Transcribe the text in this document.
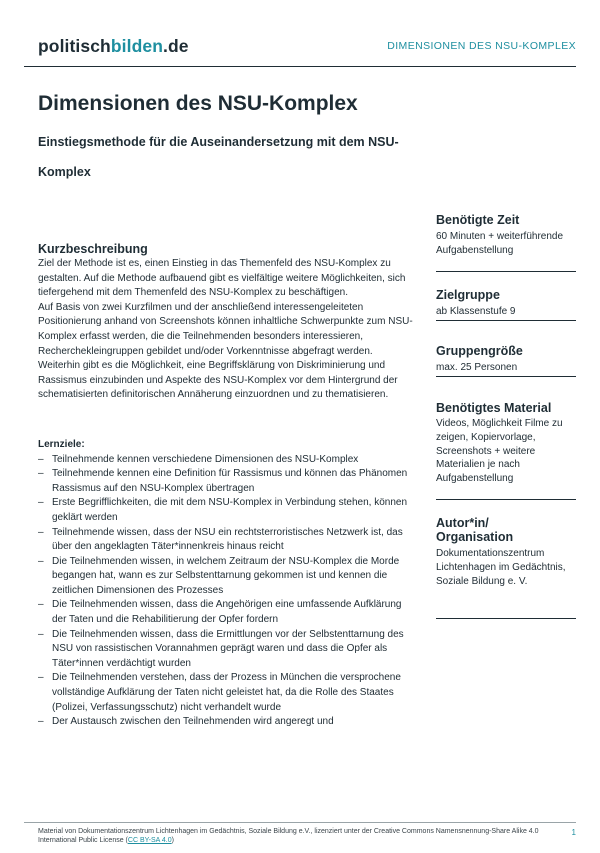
politischbilden.de	DIMENSIONEN DES NSU-KOMPLEX
Dimensionen des NSU-Komplex
Einstiegsmethode für die Auseinandersetzung mit dem NSU-Komplex
Kurzbeschreibung

Ziel der Methode ist es, einen Einstieg in das Themenfeld des NSU-Komplex zu gestalten. Auf die Methode aufbauend gibt es vielfältige weitere Möglichkeiten, sich tiefergehend mit dem Themenfeld des NSU-Komplex zu beschäftigen.

Auf Basis von zwei Kurzfilmen und der anschließend interessengeleiteten Positionierung anhand von Screenshots können inhaltliche Schwerpunkte zum NSU-Komplex erfasst werden, die die Teilnehmenden besonders interessieren, Recherchekleingruppen gebildet und/oder Vorkenntnisse abgefragt werden.

Weiterhin gibt es die Möglichkeit, eine Begriffsklärung von Diskriminierung und Rassismus einzubinden und Aspekte des NSU-Komplex vor dem Hintergrund der schematisierten definitorischen Annäherung einzuordnen und zu thematisieren.

Lernziele:
– Teilnehmende kennen verschiedene Dimensionen des NSU-Komplex
– Teilnehmende kennen eine Definition für Rassismus und können das Phänomen Rassismus auf den NSU-Komplex übertragen
– Erste Begrifflichkeiten, die mit dem NSU-Komplex in Verbindung stehen, können geklärt werden
– Teilnehmende wissen, dass der NSU ein rechtsterroristisches Netzwerk ist, das über den angeklagten Täter*innenkreis hinaus reicht
– Die Teilnehmenden wissen, in welchem Zeitraum der NSU-Komplex die Morde begangen hat, wann es zur Selbstenttarnung gekommen ist und kennen die zeitlichen Dimensionen des Prozesses
– Die Teilnehmenden wissen, dass die Angehörigen eine umfassende Aufklärung der Taten und die Rehabilitierung der Opfer fordern
– Die Teilnehmenden wissen, dass die Ermittlungen vor der Selbstenttarnung des NSU von rassistischen Vorannahmen geprägt waren und dass die Opfer als Täter*innen verdächtigt wurden
– Die Teilnehmenden verstehen, dass der Prozess in München die versprochene vollständige Aufklärung der Taten nicht geleistet hat, da die Rolle des Staates (Polizei, Verfassungsschutz) nicht verhandelt wurde
– Der Austausch zwischen den Teilnehmenden wird angeregt und
Benötigte Zeit
60 Minuten + weiterführende Aufgabenstellung
Zielgruppe
ab Klassenstufe 9
Gruppengröße
max. 25 Personen
Benötigtes Material
Videos, Möglichkeit Filme zu zeigen, Kopiervorlage, Screenshots + weitere Materialien je nach Aufgabenstellung
Autor*in/ Organisation
Dokumentationszentrum Lichtenhagen im Gedächtnis, Soziale Bildung e. V.
Material von Dokumentationszentrum Lichtenhagen im Gedächtnis, Soziale Bildung e.V., lizenziert unter der Creative Commons Namensnennung-Share Alike 4.0 International Public License (CC BY-SA 4.0)
1
